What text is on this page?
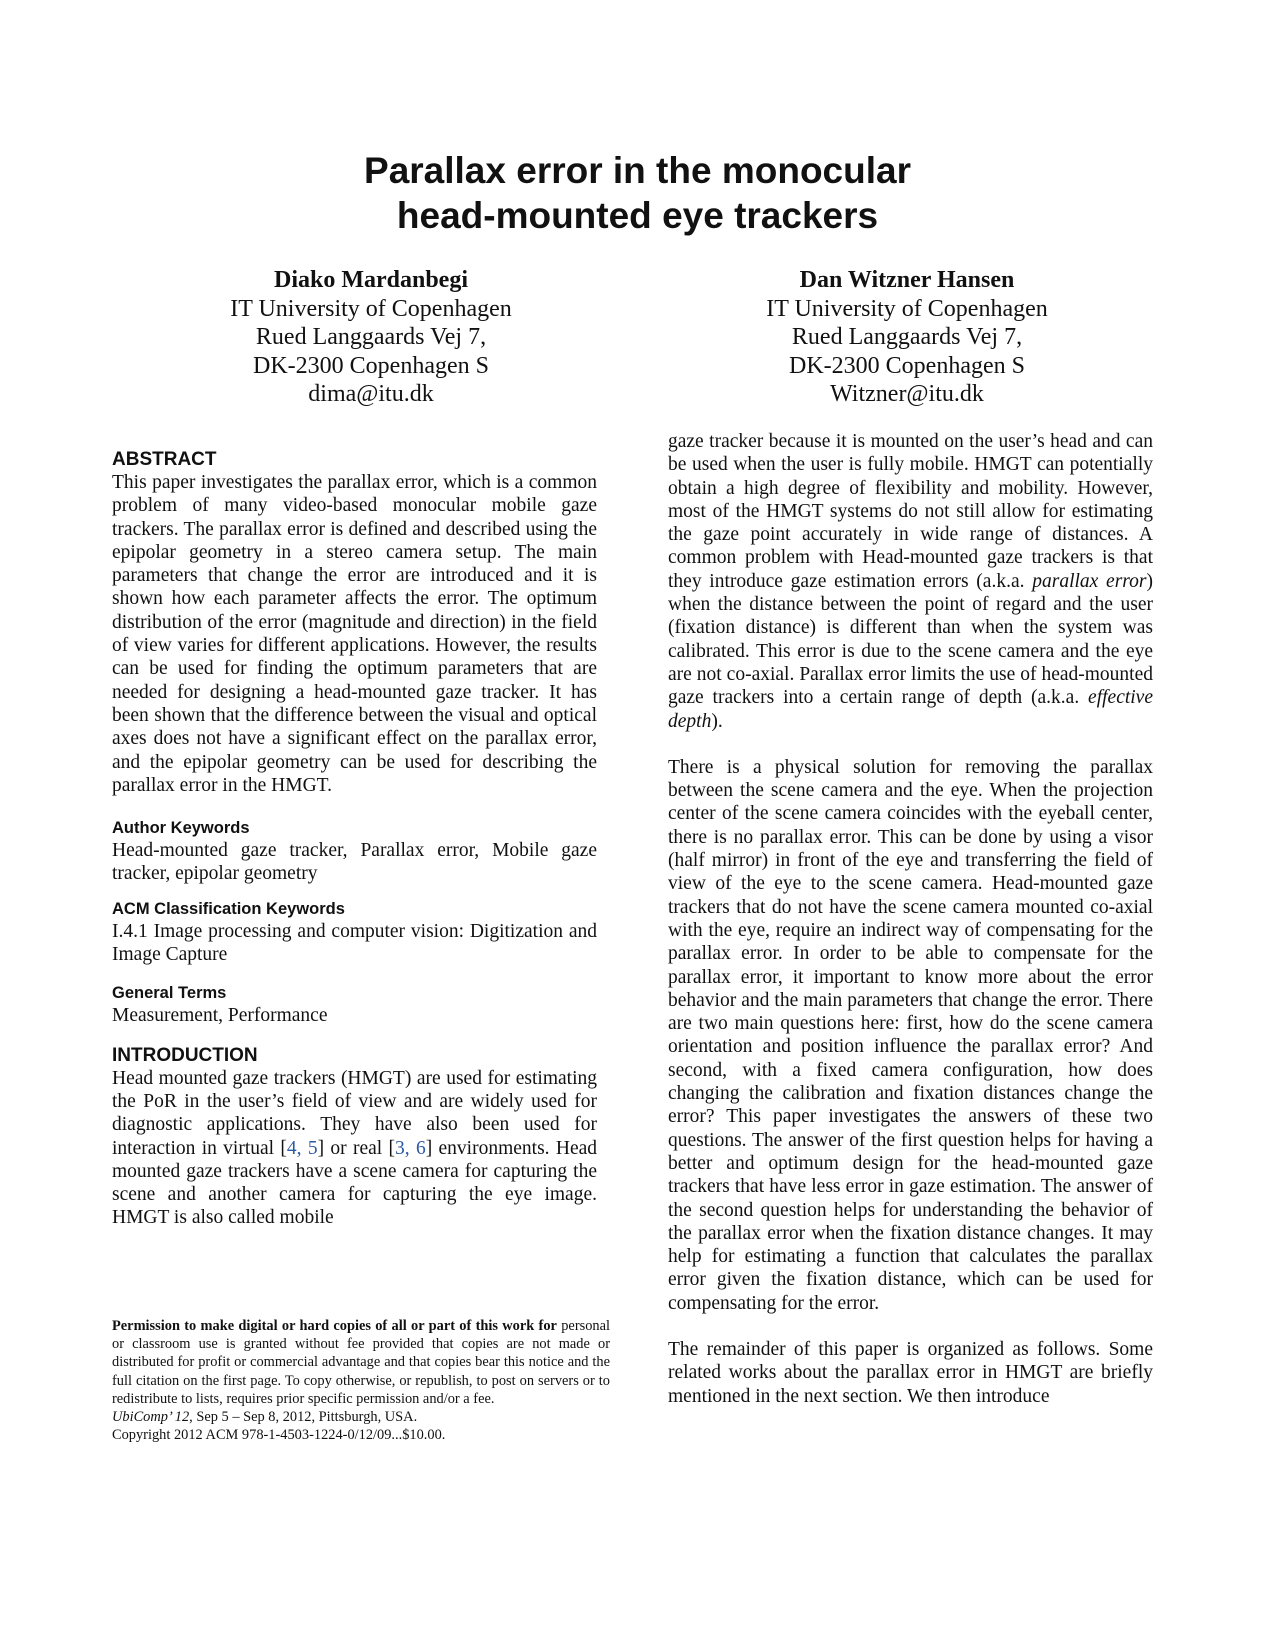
Parallax error in the monocular
head-mounted eye trackers
Diako Mardanbegi
IT University of Copenhagen
Rued Langgaards Vej 7,
DK-2300 Copenhagen S
dima@itu.dk
Dan Witzner Hansen
IT University of Copenhagen
Rued Langgaards Vej 7,
DK-2300 Copenhagen S
Witzner@itu.dk
ABSTRACT

This paper investigates the parallax error, which is a common problem of many video-based monocular mobile gaze trackers. The parallax error is defined and described using the epipolar geometry in a stereo camera setup. The main parameters that change the error are introduced and it is shown how each parameter affects the error. The optimum distribution of the error (magnitude and direction) in the field of view varies for different applications. However, the results can be used for finding the optimum parameters that are needed for designing a head-mounted gaze tracker. It has been shown that the difference between the visual and optical axes does not have a significant effect on the parallax error, and the epipolar geometry can be used for describing the parallax error in the HMGT.

Author Keywords

Head-mounted gaze tracker, Parallax error, Mobile gaze tracker, epipolar geometry

ACM Classification Keywords

I.4.1 Image processing and computer vision: Digitization and Image Capture

General Terms

Measurement, Performance

INTRODUCTION

Head mounted gaze trackers (HMGT) are used for estimating the PoR in the user’s field of view and are widely used for diagnostic applications. They have also been used for interaction in virtual [4, 5] or real [3, 6] environments. Head mounted gaze trackers have a scene camera for capturing the scene and another camera for capturing the eye image. HMGT is also called mobile

Permission to make digital or hard copies of all or part of this work for personal or classroom use is granted without fee provided that copies are not made or distributed for profit or commercial advantage and that copies bear this notice and the full citation on the first page. To copy otherwise, or republish, to post on servers or to redistribute to lists, requires prior specific permission and/or a fee.

UbiComp’ 12, Sep 5 – Sep 8, 2012, Pittsburgh, USA.

Copyright 2012 ACM 978-1-4503-1224-0/12/09...$10.00.

gaze tracker because it is mounted on the user’s head and can be used when the user is fully mobile. HMGT can potentially obtain a high degree of flexibility and mobility. However, most of the HMGT systems do not still allow for estimating the gaze point accurately in wide range of distances. A common problem with Head-mounted gaze trackers is that they introduce gaze estimation errors (a.k.a. parallax error) when the distance between the point of regard and the user (fixation distance) is different than when the system was calibrated. This error is due to the scene camera and the eye are not co-axial. Parallax error limits the use of head-mounted gaze trackers into a certain range of depth (a.k.a. effective depth).

There is a physical solution for removing the parallax between the scene camera and the eye. When the projection center of the scene camera coincides with the eyeball center, there is no parallax error. This can be done by using a visor (half mirror) in front of the eye and transferring the field of view of the eye to the scene camera. Head-mounted gaze trackers that do not have the scene camera mounted co-axial with the eye, require an indirect way of compensating for the parallax error. In order to be able to compensate for the parallax error, it important to know more about the error behavior and the main parameters that change the error. There are two main questions here: first, how do the scene camera orientation and position influence the parallax error? And second, with a fixed camera configuration, how does changing the calibration and fixation distances change the error? This paper investigates the answers of these two questions. The answer of the first question helps for having a better and optimum design for the head-mounted gaze trackers that have less error in gaze estimation. The answer of the second question helps for understanding the behavior of the parallax error when the fixation distance changes. It may help for estimating a function that calculates the parallax error given the fixation distance, which can be used for compensating for the error.

The remainder of this paper is organized as follows. Some related works about the parallax error in HMGT are briefly mentioned in the next section. We then introduce
